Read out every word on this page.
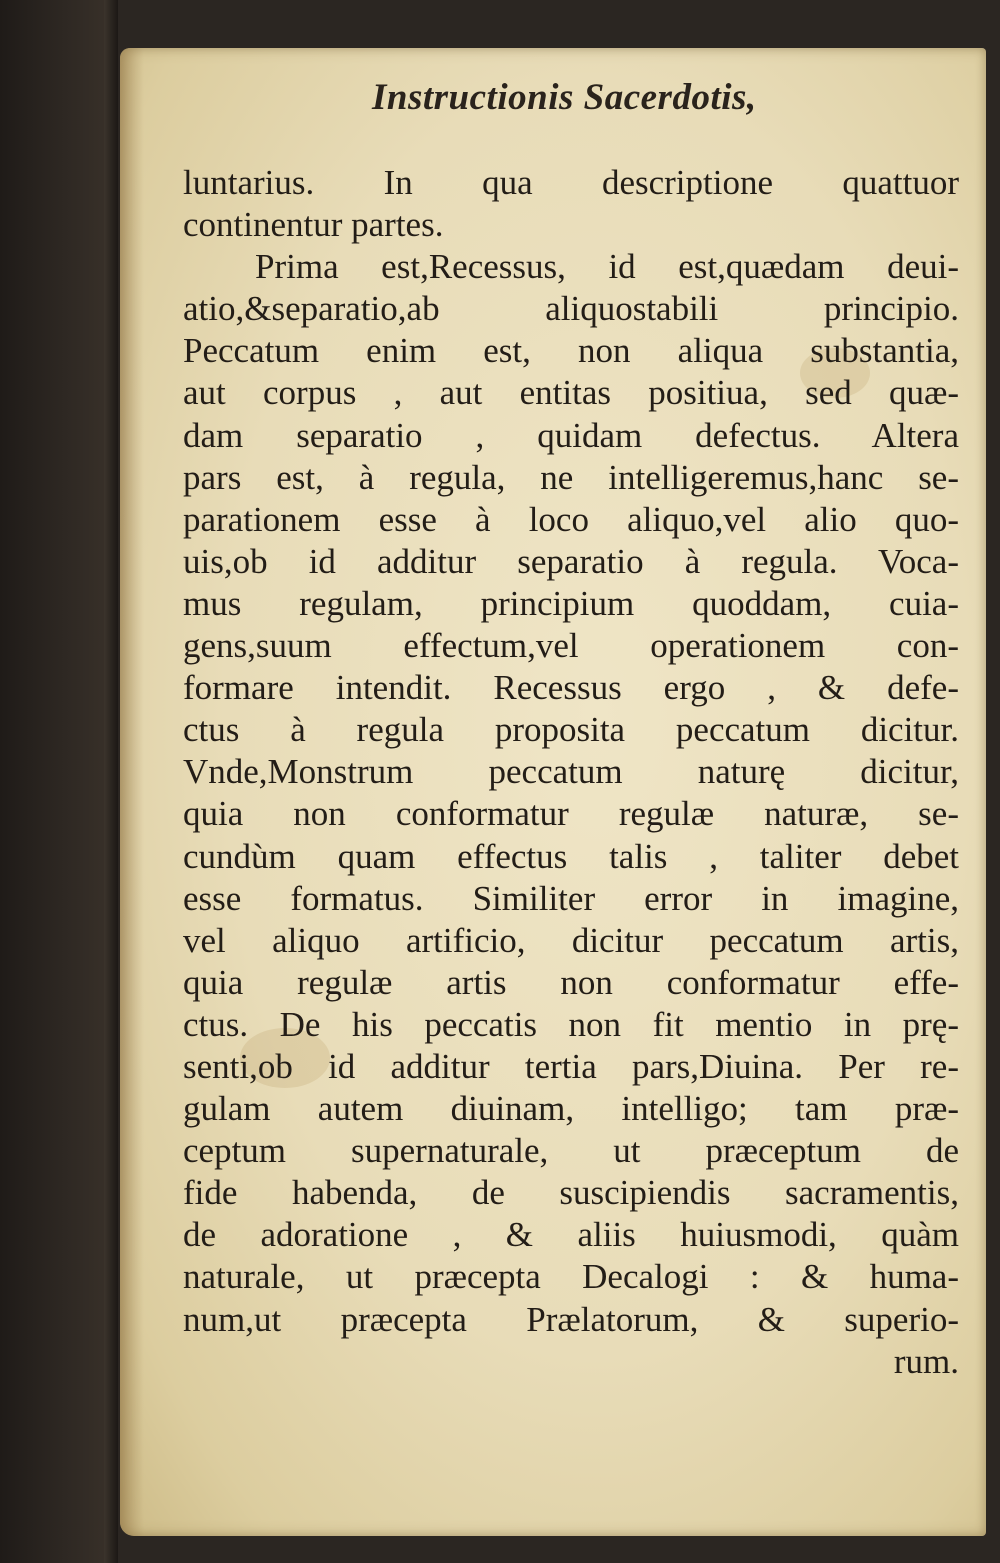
Instructionis Sacerdotis,
luntarius. In qua descriptione quattuor
continentur partes.
Prima est,Recessus, id est,quædam deui-
atio,&separatio,ab aliquostabili principio.
Peccatum enim est, non aliqua substantia,
aut corpus , aut entitas positiua, sed quæ-
dam separatio , quidam defectus. Altera
pars est, à regula, ne intelligeremus,hanc se-
parationem esse à loco aliquo,vel alio quo-
uis,ob id additur separatio à regula. Voca-
mus regulam, principium quoddam, cuia-
gens,suum effectum,vel operationem con-
formare intendit. Recessus ergo , & defe-
ctus à regula proposita peccatum dicitur.
Vnde,Monstrum peccatum naturę dicitur,
quia non conformatur regulæ naturæ, se-
cundùm quam effectus talis , taliter debet
esse formatus. Similiter error in imagine,
vel aliquo artificio, dicitur peccatum artis,
quia regulæ artis non conformatur effe-
ctus. De his peccatis non fit mentio in prę-
senti,ob id additur tertia pars,Diuina. Per re-
gulam autem diuinam, intelligo; tam præ-
ceptum supernaturale, ut præceptum de
fide habenda, de suscipiendis sacramentis,
de adoratione , & aliis huiusmodi, quàm
naturale, ut præcepta Decalogi : & huma-
num,ut præcepta Prælatorum, & superio-
rum.
